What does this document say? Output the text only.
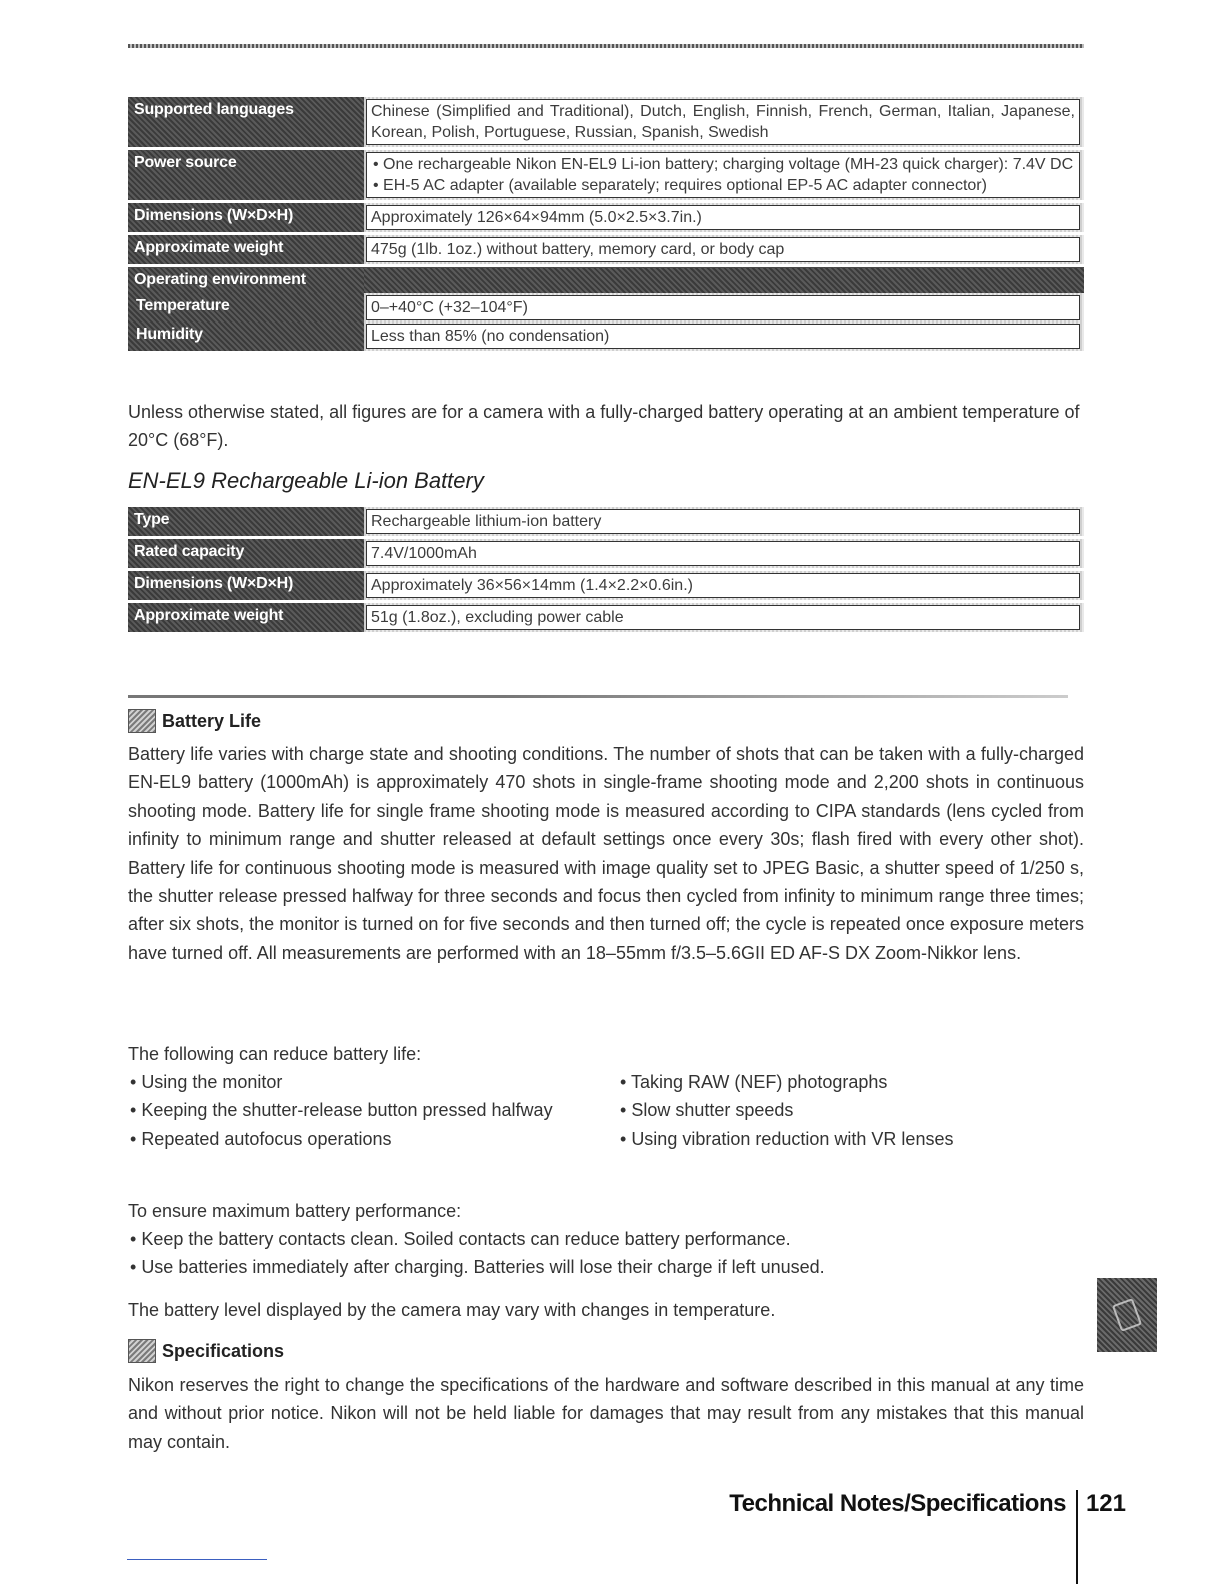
Supported languages	Chinese (Simplified and Traditional), Dutch, English, Finnish, French, German, Italian, Japanese, Korean, Polish, Portuguese, Russian, Spanish, Swedish

Power source	• One rechargeable Nikon EN-EL9 Li-ion battery; charging voltage (MH-23 quick charger): 7.4V DC
• EH-5 AC adapter (available separately; requires optional EP-5 AC adapter connector)

Dimensions (W×D×H)	Approximately 126×64×94mm (5.0×2.5×3.7in.)

Approximate weight	475g (1lb. 1oz.) without battery, memory card, or body cap

Operating environment	

Temperature	0–+40°C (+32–104°F)

Humidity	Less than 85% (no condensation)

Unless otherwise stated, all figures are for a camera with a fully-charged battery operating at an ambient temperature of 20°C (68°F).

EN-EL9 Rechargeable Li-ion Battery
Type	Rechargeable lithium-ion battery

Rated capacity	7.4V/1000mAh

Dimensions (W×D×H)	Approximately 36×56×14mm (1.4×2.2×0.6in.)

Approximate weight	51g (1.8oz.), excluding power cable
Battery Life

Battery life varies with charge state and shooting conditions. The number of shots that can be taken with a fully-charged EN-EL9 battery (1000mAh) is approximately 470 shots in single-frame shooting mode and 2,200 shots in continuous shooting mode. Battery life for single frame shooting mode is measured according to CIPA standards (lens cycled from infinity to minimum range and shutter released at default settings once every 30s; flash fired with every other shot). Battery life for continuous shooting mode is measured with image quality set to JPEG Basic, a shutter speed of 1/250 s, the shutter release pressed halfway for three seconds and focus then cycled from infinity to minimum range three times; after six shots, the monitor is turned on for five seconds and then turned off; the cycle is repeated once exposure meters have turned off. All measurements are performed with an 18–55mm f/3.5–5.6GII ED AF-S DX Zoom-Nikkor lens.

The following can reduce battery life:

• Using the monitor
• Keeping the shutter-release button pressed halfway
• Repeated autofocus operations
• Taking RAW (NEF) photographs
• Slow shutter speeds
• Using vibration reduction with VR lenses

To ensure maximum battery performance:

• Keep the battery contacts clean. Soiled contacts can reduce battery performance.
• Use batteries immediately after charging. Batteries will lose their charge if left unused.

The battery level displayed by the camera may vary with changes in temperature.

Specifications

Nikon reserves the right to change the specifications of the hardware and software described in this manual at any time and without prior notice. Nikon will not be held liable for damages that may result from any mistakes that this manual may contain.

Technical Notes/Specifications 121
